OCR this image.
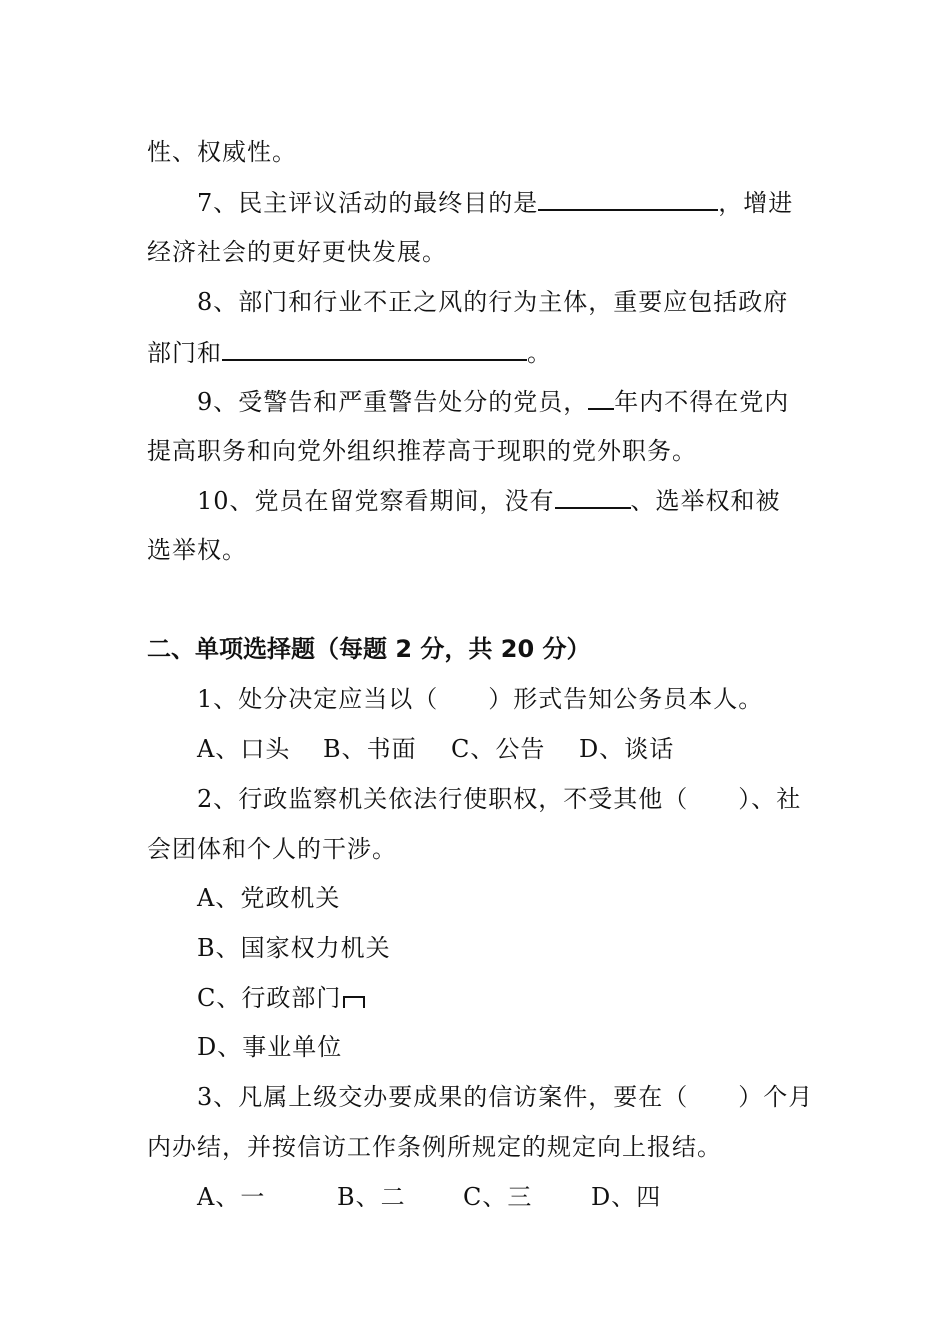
性、权威性。
7、民主评议活动的最终目的是	，增进
经济社会的更好更快发展。
8、部门和行业不正之风的行为主体，重要应包括政府
部门和	。
9、受警告和严重警告处分的党员， 年内不得在党内
提高职务和向党外组织推荐高于现职的党外职务。
10、党员在留党察看期间，没有	、选举权和被
选举权。
二、单项选择题（每题 2 分，共 20 分）
1、处分决定应当以（　　）形式告知公务员本人。
A、口头 B、书面 C、公告 D、谈话
2、行政监察机关依法行使职权，不受其他（　　）、社
会团体和个人的干涉。
A、党政机关
B、国家权力机关
C、行政部门
D、事业单位
3、凡属上级交办要成果的信访案件，要在（　　）个月
内办结，并按信访工作条例所规定的规定向上报结。
A、一	B、二 C、三 D、四
